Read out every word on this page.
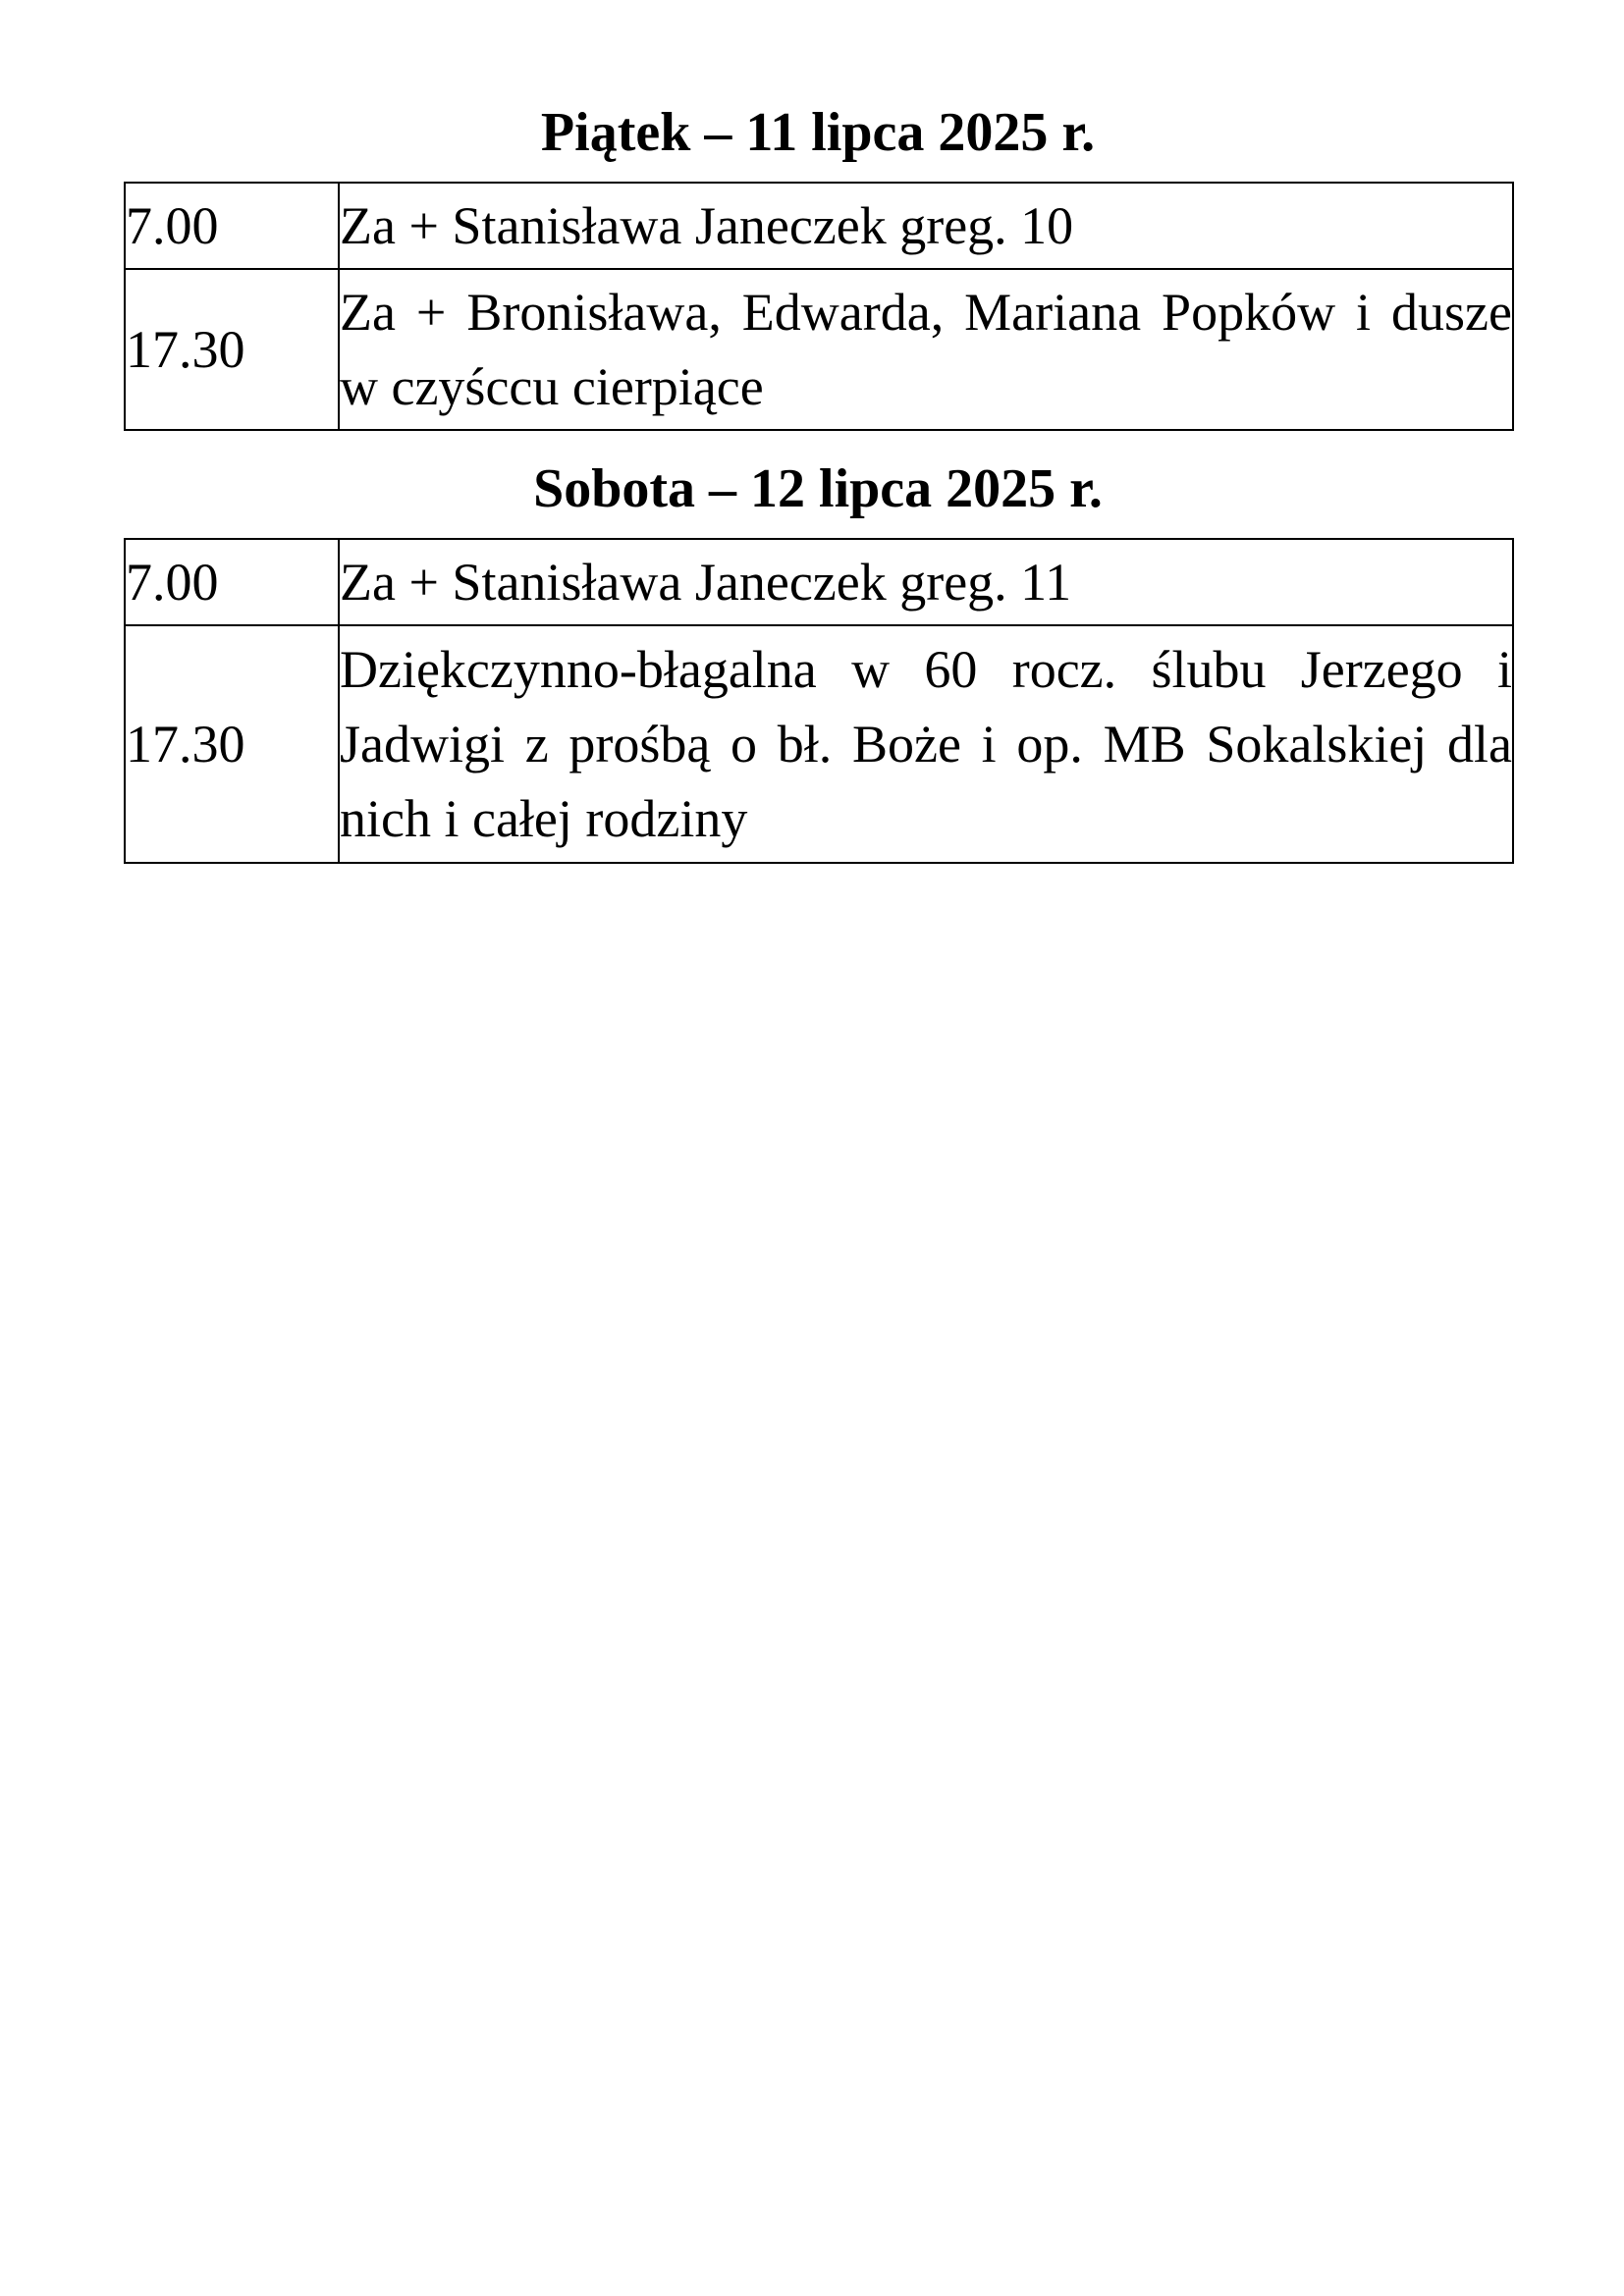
Piątek – 11 lipca 2025 r.
7.00	Za + Stanisława Janeczek greg. 10
17.30	Za + Bronisława, Edwarda, Mariana Popków i dusze w czyśccu cierpiące
Sobota – 12 lipca 2025 r.
7.00	Za + Stanisława Janeczek greg. 11
17.30	Dziękczynno-błagalna w 60 rocz. ślubu Jerzego i Jadwigi z prośbą o bł. Boże i op. MB Sokalskiej dla nich i całej rodziny
